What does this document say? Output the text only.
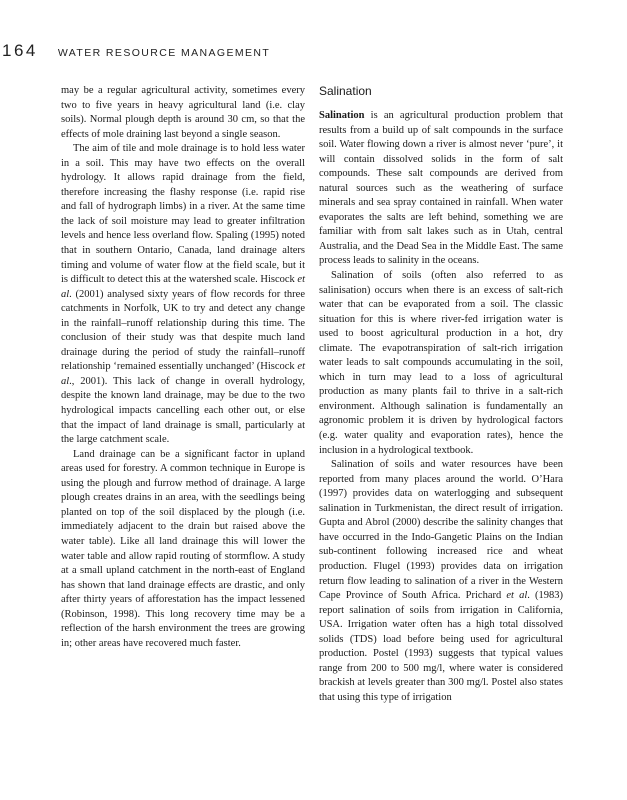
164 WATER RESOURCE MANAGEMENT

may be a regular agricultural activity, sometimes every two to five years in heavy agricultural land (i.e. clay soils). Normal plough depth is around 30 cm, so that the effects of mole draining last beyond a single season.

The aim of tile and mole drainage is to hold less water in a soil. This may have two effects on the overall hydrology. It allows rapid drainage from the field, therefore increasing the flashy response (i.e. rapid rise and fall of hydrograph limbs) in a river. At the same time the lack of soil moisture may lead to greater infiltration levels and hence less overland flow. Spaling (1995) noted that in southern Ontario, Canada, land drainage alters timing and volume of water flow at the field scale, but it is difficult to detect this at the watershed scale. Hiscock et al. (2001) analysed sixty years of flow records for three catchments in Norfolk, UK to try and detect any change in the rainfall–runoff relationship during this time. The conclusion of their study was that despite much land drainage during the period of study the rainfall–runoff relationship ‘remained essentially unchanged’ (Hiscock et al., 2001). This lack of change in overall hydrology, despite the known land drainage, may be due to the two hydrological impacts cancelling each other out, or else that the impact of land drainage is small, particularly at the large catchment scale.

Land drainage can be a significant factor in upland areas used for forestry. A common technique in Europe is using the plough and furrow method of drainage. A large plough creates drains in an area, with the seedlings being planted on top of the soil displaced by the plough (i.e. immediately adjacent to the drain but raised above the water table). Like all land drainage this will lower the water table and allow rapid routing of stormflow. A study at a small upland catchment in the north-east of England has shown that land drainage effects are drastic, and only after thirty years of afforestation has the impact lessened (Robinson, 1998). This long recovery time may be a reflection of the harsh environment the trees are growing in; other areas have recovered much faster.

Salination

Salination is an agricultural production problem that results from a build up of salt compounds in the surface soil. Water flowing down a river is almost never ‘pure’, it will contain dissolved solids in the form of salt compounds. These salt compounds are derived from natural sources such as the weathering of surface minerals and sea spray contained in rainfall. When water evaporates the salts are left behind, something we are familiar with from salt lakes such as in Utah, central Australia, and the Dead Sea in the Middle East. The same process leads to salinity in the oceans.

Salination of soils (often also referred to as salinisation) occurs when there is an excess of salt-rich water that can be evaporated from a soil. The classic situation for this is where river-fed irrigation water is used to boost agricultural production in a hot, dry climate. The evapotranspiration of salt-rich irrigation water leads to salt compounds accumulating in the soil, which in turn may lead to a loss of agricultural production as many plants fail to thrive in a salt-rich environment. Although salination is fundamentally an agronomic problem it is driven by hydrological factors (e.g. water quality and evaporation rates), hence the inclusion in a hydrological textbook.

Salination of soils and water resources have been reported from many places around the world. O’Hara (1997) provides data on waterlogging and subsequent salination in Turkmenistan, the direct result of irrigation. Gupta and Abrol (2000) describe the salinity changes that have occurred in the Indo-Gangetic Plains on the Indian sub-continent following increased rice and wheat production. Flugel (1993) provides data on irrigation return flow leading to salination of a river in the Western Cape Province of South Africa. Prichard et al. (1983) report salination of soils from irrigation in California, USA. Irrigation water often has a high total dissolved solids (TDS) load before being used for agricultural production. Postel (1993) suggests that typical values range from 200 to 500 mg/l, where water is considered brackish at levels greater than 300 mg/l. Postel also states that using this type of irrigation
